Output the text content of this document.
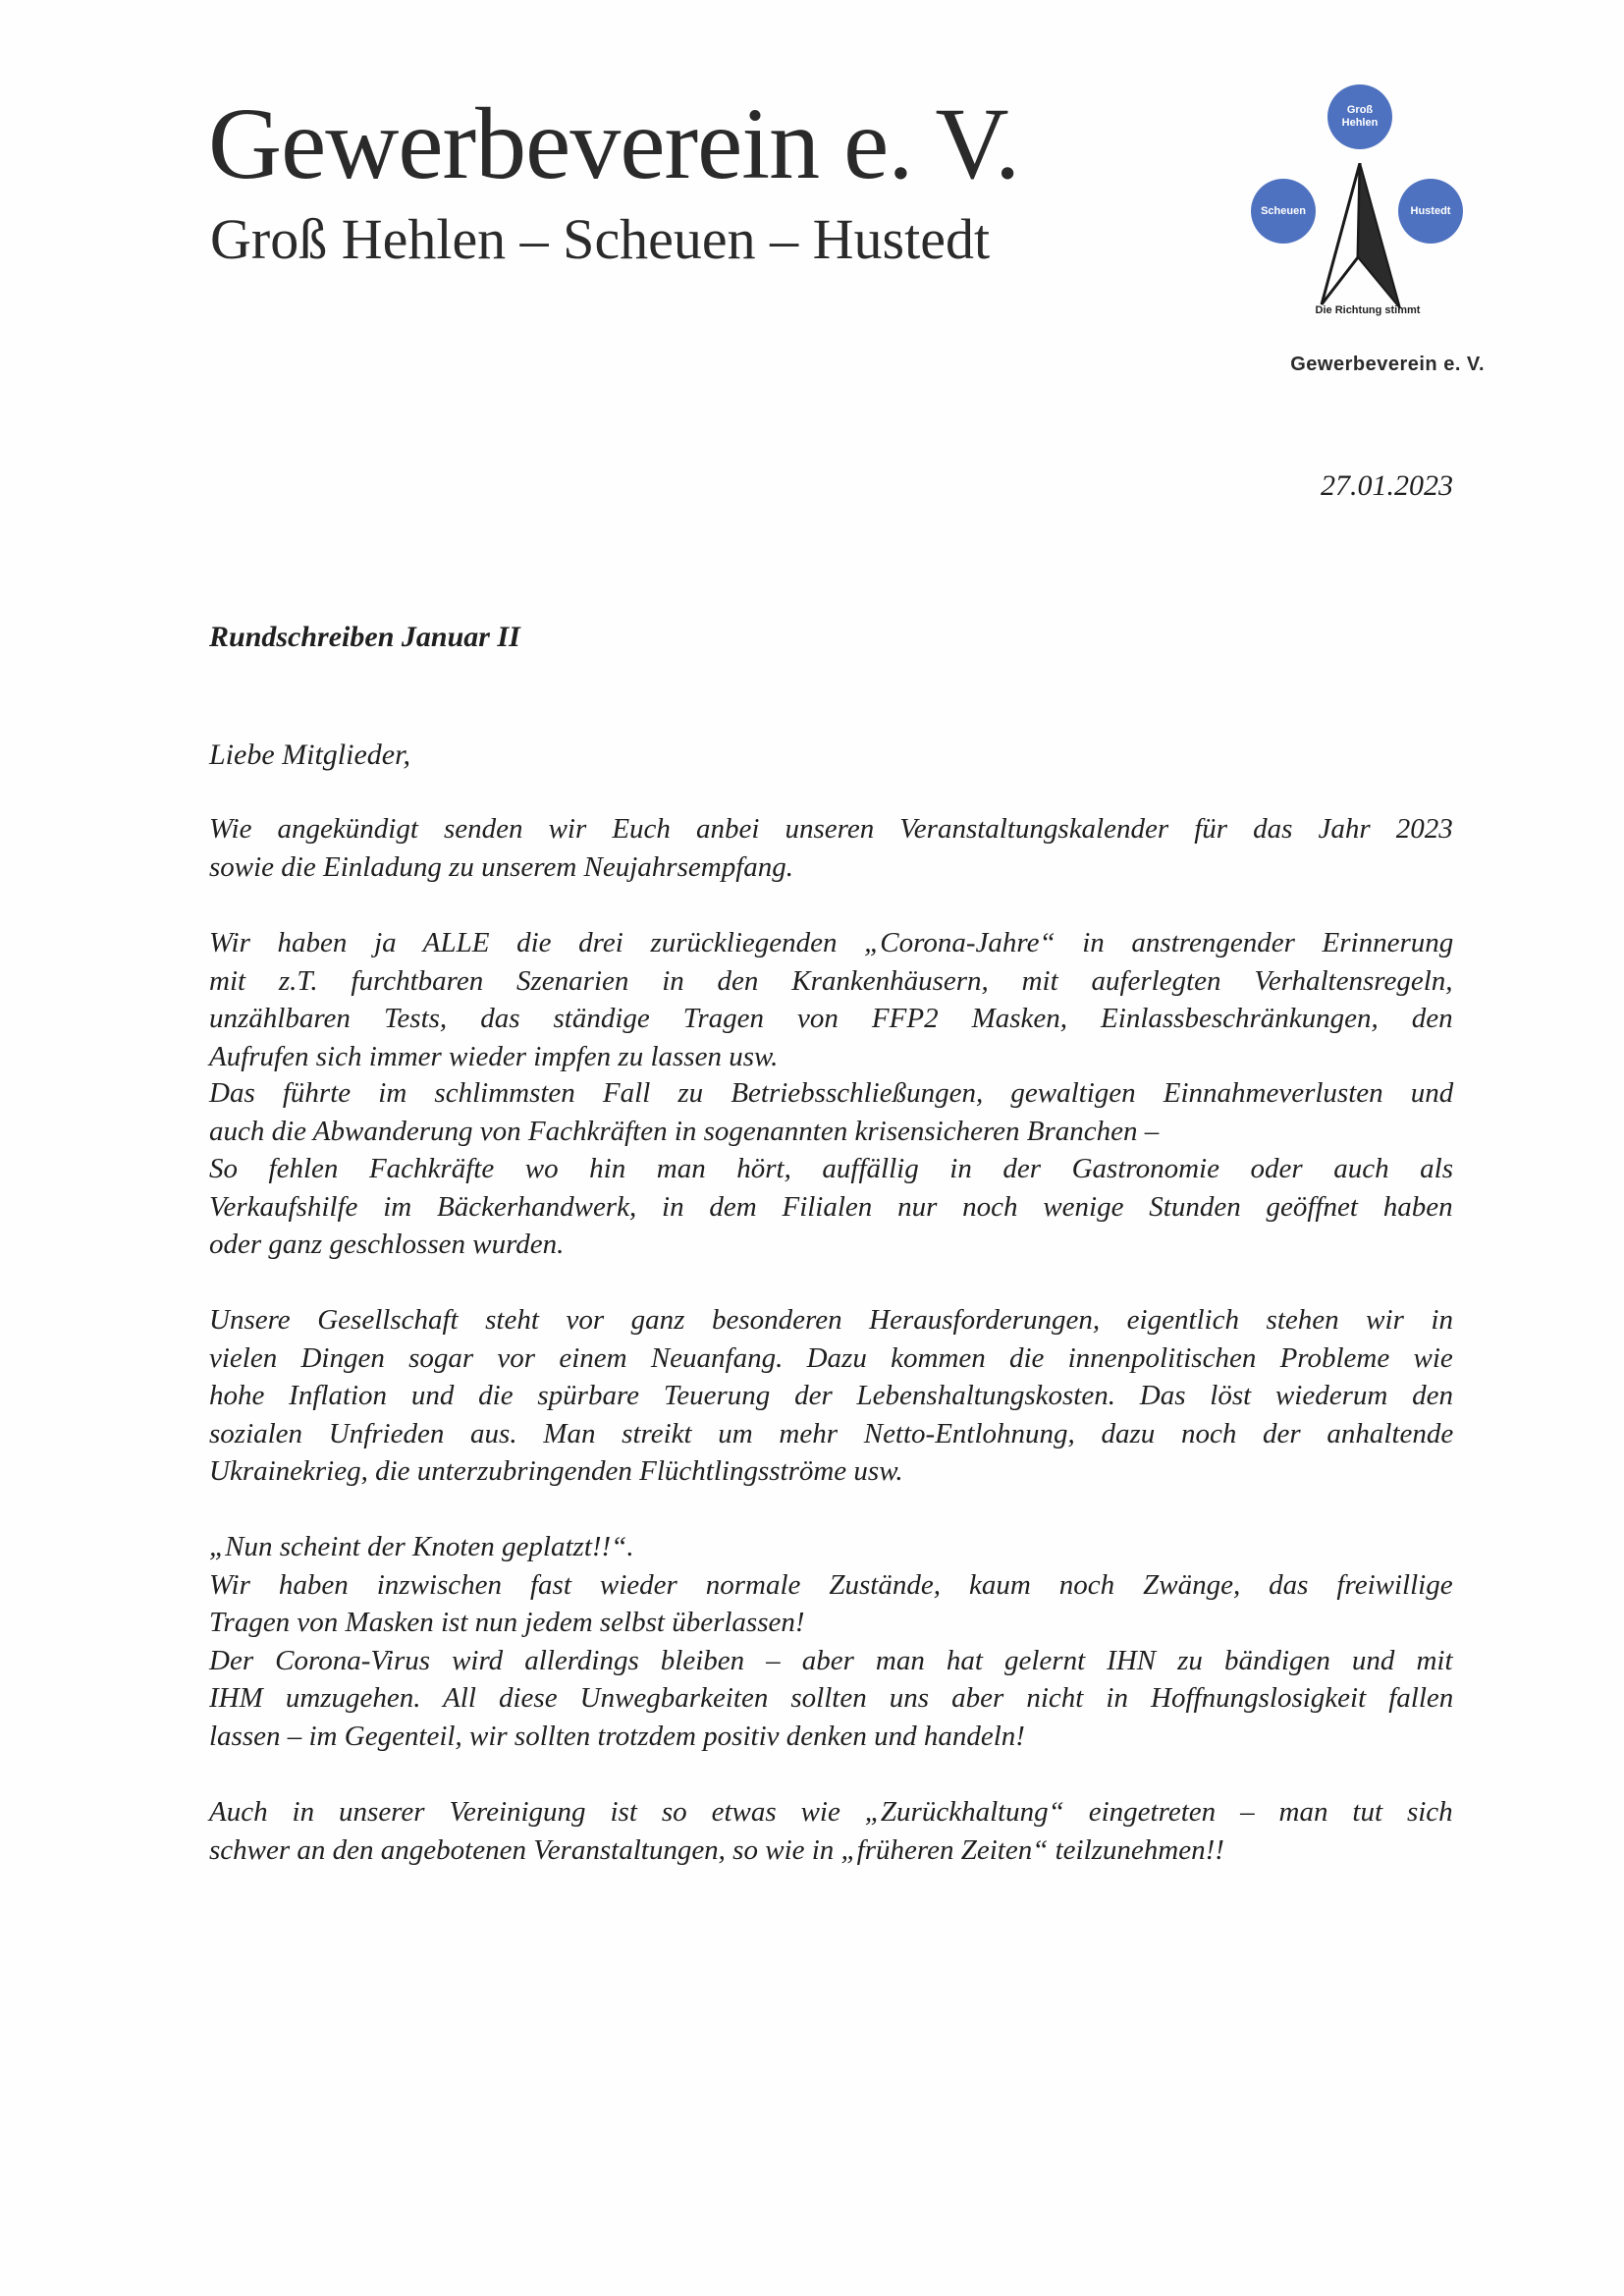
Gewerbeverein e. V.
Groß Hehlen – Scheuen – Hustedt
Groß Hehlen
Scheuen	Hustedt
Die Richtung stimmt
Gewerbeverein e. V.
27.01.2023
Rundschreiben Januar II
Liebe Mitglieder,
Wie angekündigt senden wir Euch anbei unseren Veranstaltungskalender für das Jahr 2023
sowie die Einladung zu unserem Neujahrsempfang.
Wir haben ja ALLE die drei zurückliegenden „Corona-Jahre“ in anstrengender Erinnerung
mit z.T. furchtbaren Szenarien in den Krankenhäusern, mit auferlegten Verhaltensregeln,
unzählbaren Tests, das ständige Tragen von FFP2 Masken, Einlassbeschränkungen, den
Aufrufen sich immer wieder impfen zu lassen usw.
Das führte im schlimmsten Fall zu Betriebsschließungen, gewaltigen Einnahmeverlusten und
auch die Abwanderung von Fachkräften in sogenannten krisensicheren Branchen –
So fehlen Fachkräfte wo hin man hört, auffällig in der Gastronomie oder auch als
Verkaufshilfe im Bäckerhandwerk, in dem Filialen nur noch wenige Stunden geöffnet haben
oder ganz geschlossen wurden.
Unsere Gesellschaft steht vor ganz besonderen Herausforderungen, eigentlich stehen wir in
vielen Dingen sogar vor einem Neuanfang. Dazu kommen die innenpolitischen Probleme wie
hohe Inflation und die spürbare Teuerung der Lebenshaltungskosten. Das löst wiederum den
sozialen Unfrieden aus. Man streikt um mehr Netto-Entlohnung, dazu noch der anhaltende
Ukrainekrieg, die unterzubringenden Flüchtlingsströme usw.
„Nun scheint der Knoten geplatzt!!“.
Wir haben inzwischen fast wieder normale Zustände, kaum noch Zwänge, das freiwillige
Tragen von Masken ist nun jedem selbst überlassen!
Der Corona-Virus wird allerdings bleiben – aber man hat gelernt IHN zu bändigen und mit
IHM umzugehen. All diese Unwegbarkeiten sollten uns aber nicht in Hoffnungslosigkeit fallen
lassen – im Gegenteil, wir sollten trotzdem positiv denken und handeln!
Auch in unserer Vereinigung ist so etwas wie „Zurückhaltung“ eingetreten – man tut sich
schwer an den angebotenen Veranstaltungen, so wie in „früheren Zeiten“ teilzunehmen!!
